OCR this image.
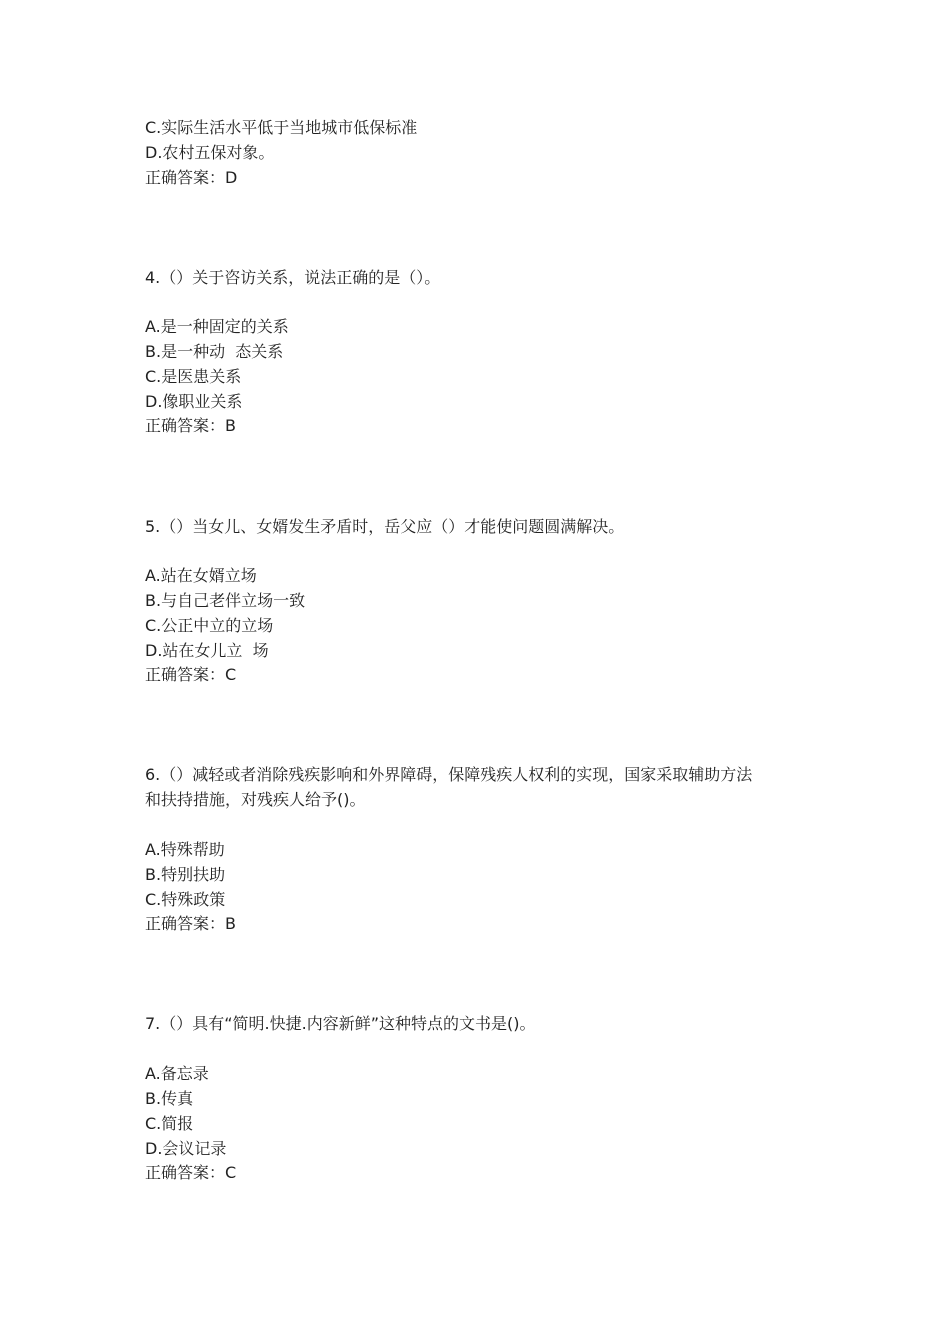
C.实际生活水平低于当地城市低保标准
D.农村五保对象。
正确答案：D
4.（）关于咨访关系，说法正确的是（）。
A.是一种固定的关系
B.是一种动  态关系
C.是医患关系
D.像职业关系
正确答案：B
5.（）当女儿、女婿发生矛盾时，岳父应（）才能使问题圆满解决。
A.站在女婿立场
B.与自己老伴立场一致
C.公正中立的立场
D.站在女儿立  场
正确答案：C
6.（）减轻或者消除残疾影响和外界障碍，保障残疾人权利的实现，国家采取辅助方法
和扶持措施，对残疾人给予()。
A.特殊帮助
B.特别扶助
C.特殊政策
正确答案：B
7.（）具有“简明.快捷.内容新鲜”这种特点的文书是()。
A.备忘录
B.传真
C.简报
D.会议记录
正确答案：C
